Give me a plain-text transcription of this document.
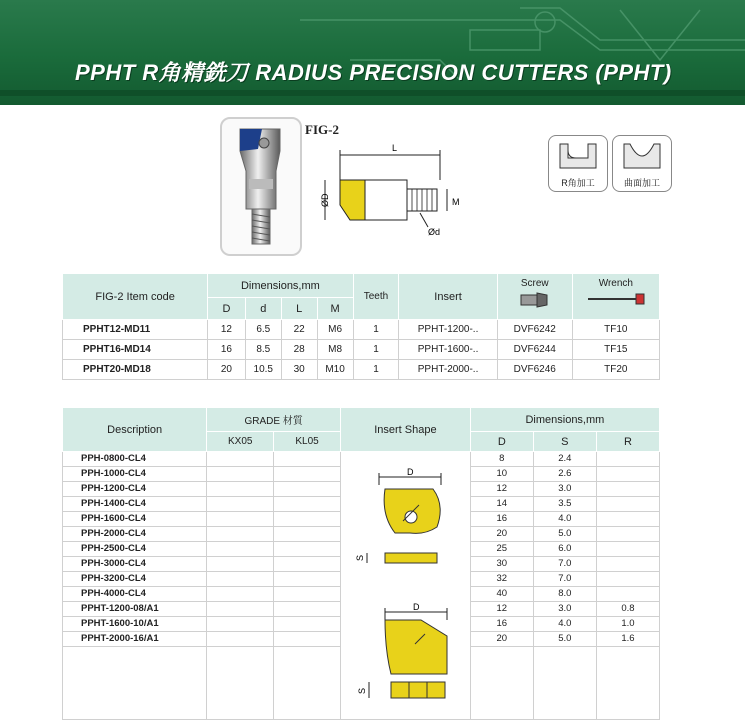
PPHT R角精銑刀 RADIUS PRECISION CUTTERS (PPHT)
FIG-2
L
ØD	M
Ød
R角加工	曲面加工
FIG-2 Item code	Dimensions,mm				Teeth	Insert	Screw	Wrench

	D	d	L	M				
PPHT12-MD11	12	6.5	22	M6	1	PPHT-1200-..	DVF6242	TF10
PPHT16-MD14	16	8.5	28	M8	1	PPHT-1600-..	DVF6244	TF15
PPHT20-MD18	20	10.5	30	M10	1	PPHT-2000-..	DVF6246	TF20
Description	GRADE 材質		Insert Shape	Dimensions,mm		
	KX05	KL05		D	S	R
PPH-0800-CL4				8	2.4	
PPH-1000-CL4				10	2.6	
PPH-1200-CL4				12	3.0	
PPH-1400-CL4				14	3.5	
PPH-1600-CL4				16	4.0	
PPH-2000-CL4				20	5.0	
PPH-2500-CL4				25	6.0	
PPH-3000-CL4				30	7.0	
PPH-3200-CL4				32	7.0	
PPH-4000-CL4				40	8.0	
PPHT-1200-08/A1				12	3.0	0.8
PPHT-1600-10/A1				16	4.0	1.0
PPHT-2000-16/A1				20	5.0	1.6

D
S
D
S
